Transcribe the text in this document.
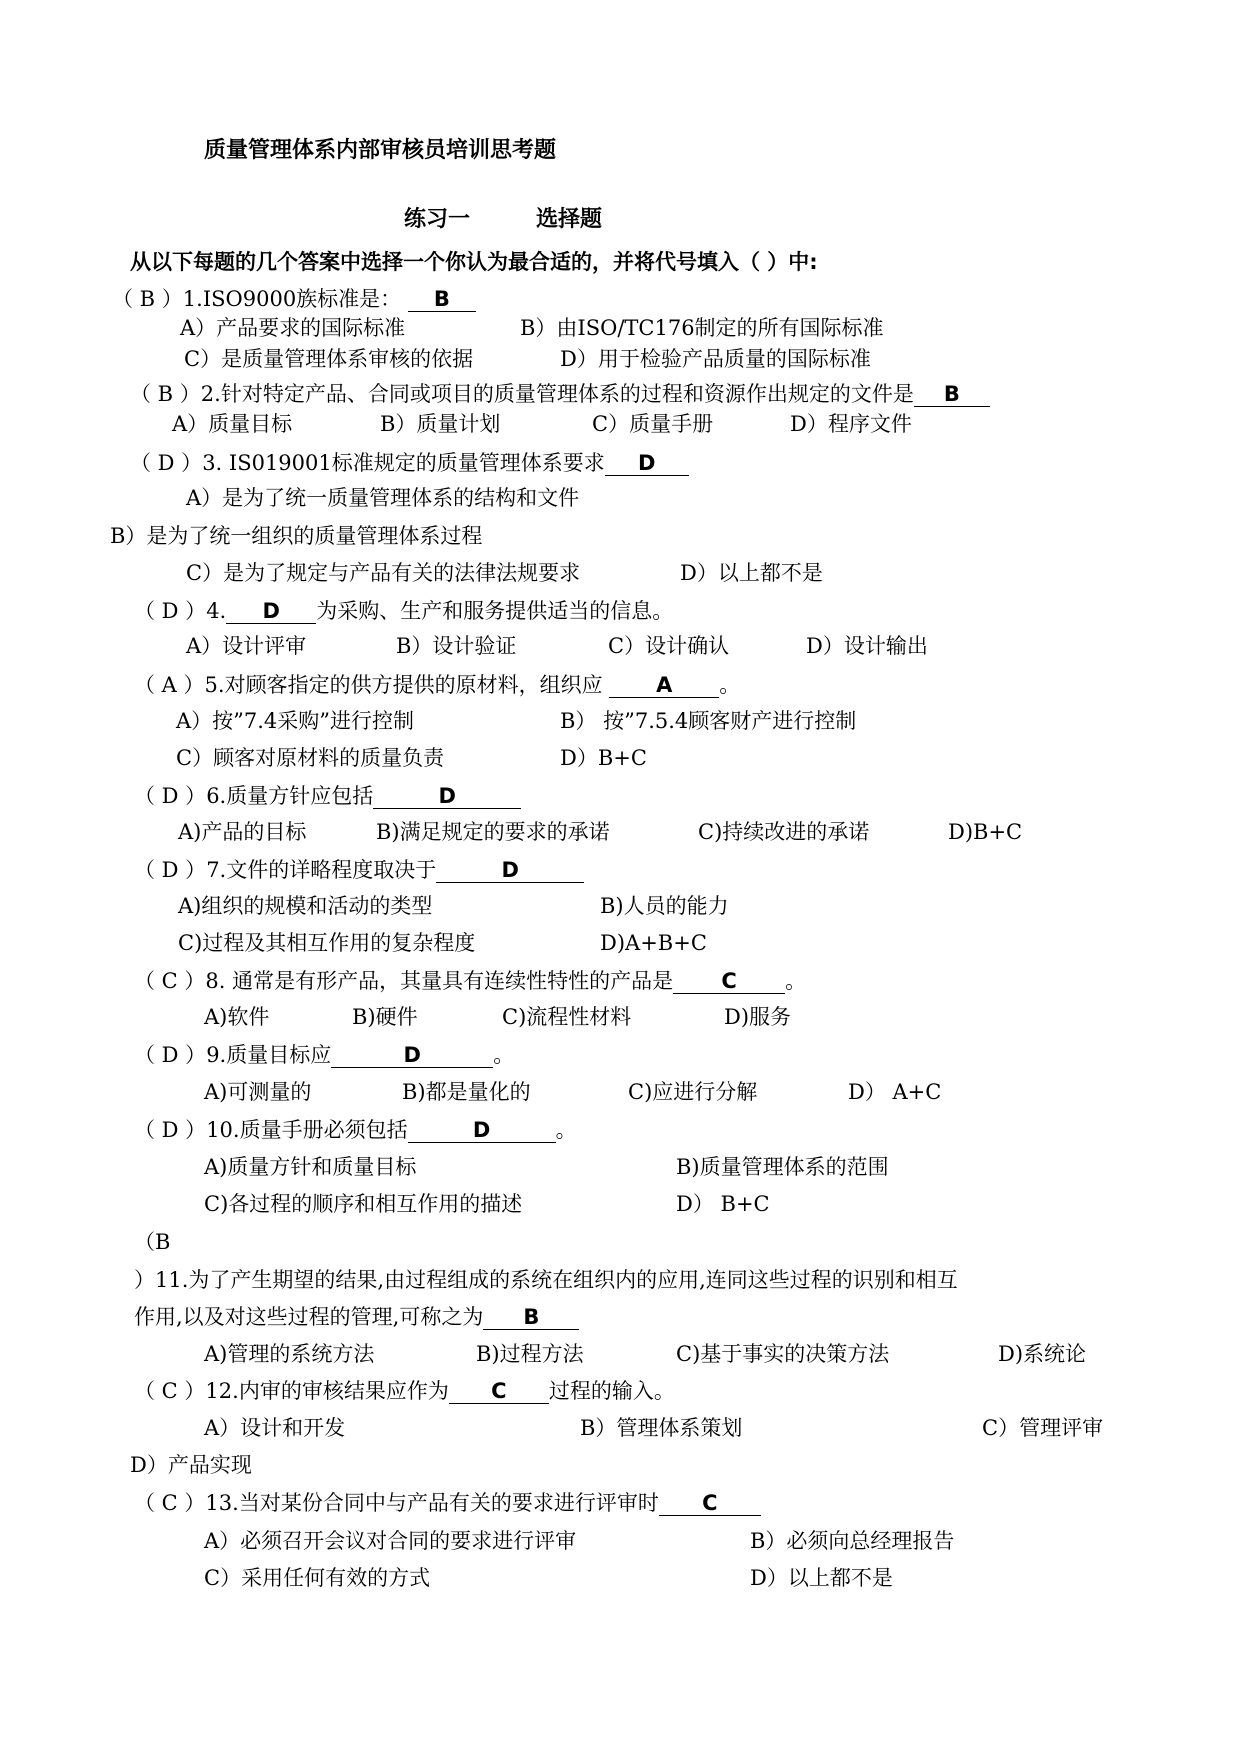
质量管理体系内部审核员培训思考题
练习一	选择题
从以下每题的几个答案中选择一个你认为最合适的，并将代号填入（ ）中:
（ B ）1.ISO9000族标准是： B
A）产品要求的国际标准	B）由ISO/TC176制定的所有国际标准
C）是质量管理体系审核的依据	D）用于检验产品质量的国际标准
（ B ）2.针对特定产品、合同或项目的质量管理体系的过程和资源作出规定的文件是 B
A）质量目标	B）质量计划	C）质量手册	D）程序文件
（ D ）3. IS019001标准规定的质量管理体系要求 D
A）是为了统一质量管理体系的结构和文件
B）是为了统一组织的质量管理体系过程
C）是为了规定与产品有关的法律法规要求	D）以上都不是
（ D ）4. D 为采购、生产和服务提供适当的信息。
A）设计评审	B）设计验证	C）设计确认	D）设计输出
（ A ）5.对顾客指定的供方提供的原材料，组织应	A 。
A）按”7.4采购”进行控制	B） 按”7.5.4顾客财产进行控制
C）顾客对原材料的质量负责	D）B+C
（ D ）6.质量方针应包括	D
A)产品的目标	B)满足规定的要求的承诺	C)持续改进的承诺	D)B+C
（ D ）7.文件的详略程度取决于	D
A)组织的规模和活动的类型	B)人员的能力
C)过程及其相互作用的复杂程度	D)A+B+C
（ C ）8. 通常是有形产品，其量具有连续性特性的产品是 C 。
A)软件	B)硬件	C)流程性材料	D)服务
（ D ）9.质量目标应	D	。
A)可测量的	B)都是量化的	C)应进行分解	D） A+C
（ D ）10.质量手册必须包括	D	。
A)质量方针和质量目标	B)质量管理体系的范围
C)各过程的顺序和相互作用的描述	D） B+C
（B
）11.为了产生期望的结果,由过程组成的系统在组织内的应用,连同这些过程的识别和相互
作用,以及对这些过程的管理,可称之为 B
A)管理的系统方法	B)过程方法	C)基于事实的决策方法	D)系统论
（ C ）12.内审的审核结果应作为 C 过程的输入。
A）设计和开发	B）管理体系策划	C）管理评审
D）产品实现
（ C ）13.当对某份合同中与产品有关的要求进行评审时 C
A）必须召开会议对合同的要求进行评审	B）必须向总经理报告
C）采用任何有效的方式	D）以上都不是
